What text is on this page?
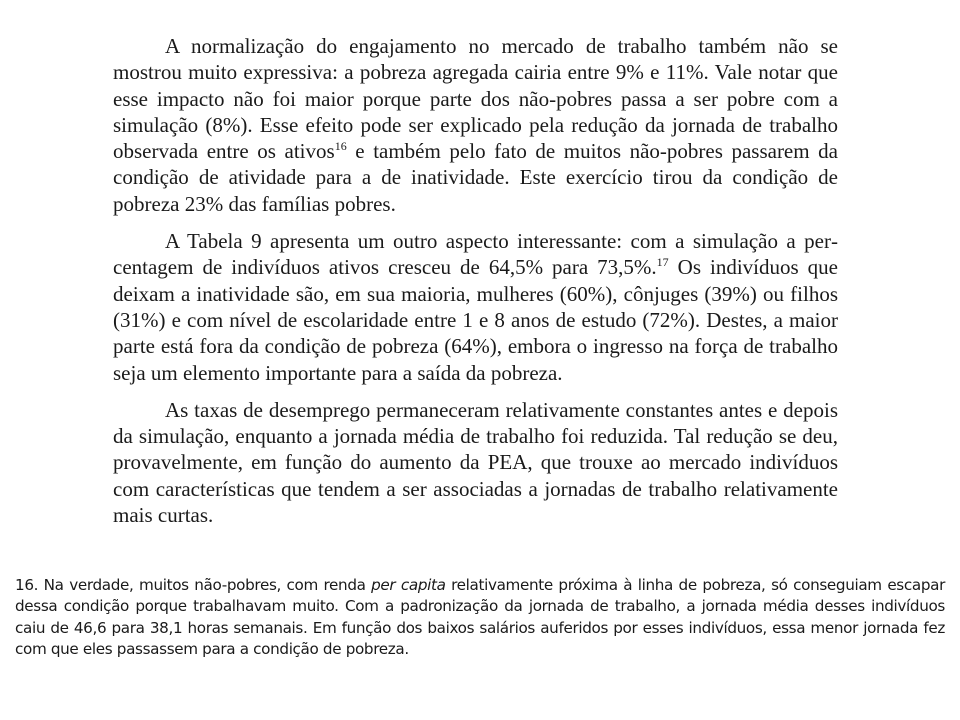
A normalização do engajamento no mercado de trabalho também não se mostrou muito expressiva: a pobreza agregada cairia entre 9% e 11%. Vale notar que esse impacto não foi maior porque parte dos não-pobres passa a ser pobre com a simulação (8%). Esse efeito pode ser explicado pela redução da jornada de trabalho observada entre os ativos$^{16}$ e também pelo fato de muitos não-pobres passarem da condição de atividade para a de inatividade. Este exercício tirou da condição de pobreza 23% das famílias pobres.

A Tabela 9 apresenta um outro aspecto interessante: com a simulação a percentagem de indivíduos ativos cresceu de 64,5% para 73,5%.$^{17}$ Os indivíduos que deixam a inatividade são, em sua maioria, mulheres (60%), cônjuges (39%) ou filhos (31%) e com nível de escolaridade entre 1 e 8 anos de estudo (72%). Destes, a maior parte está fora da condição de pobreza (64%), embora o ingresso na força de trabalho seja um elemento importante para a saída da pobreza.

As taxas de desemprego permaneceram relativamente constantes antes e depois da simulação, enquanto a jornada média de trabalho foi reduzida. Tal redução se deu, provavelmente, em função do aumento da PEA, que trouxe ao mercado indivíduos com características que tendem a ser associadas a jornadas de trabalho relativamente mais curtas.

16. Na verdade, muitos não-pobres, com renda per capita relativamente próxima à linha de pobreza, só conseguiam escapar dessa condição porque trabalhavam muito. Com a padronização da jornada de trabalho, a jornada média desses indivíduos caiu de 46,6 para 38,1 horas semanais. Em função dos baixos salários auferidos por esses indivíduos, essa menor jornada fez com que eles passassem para a condição de pobreza.
